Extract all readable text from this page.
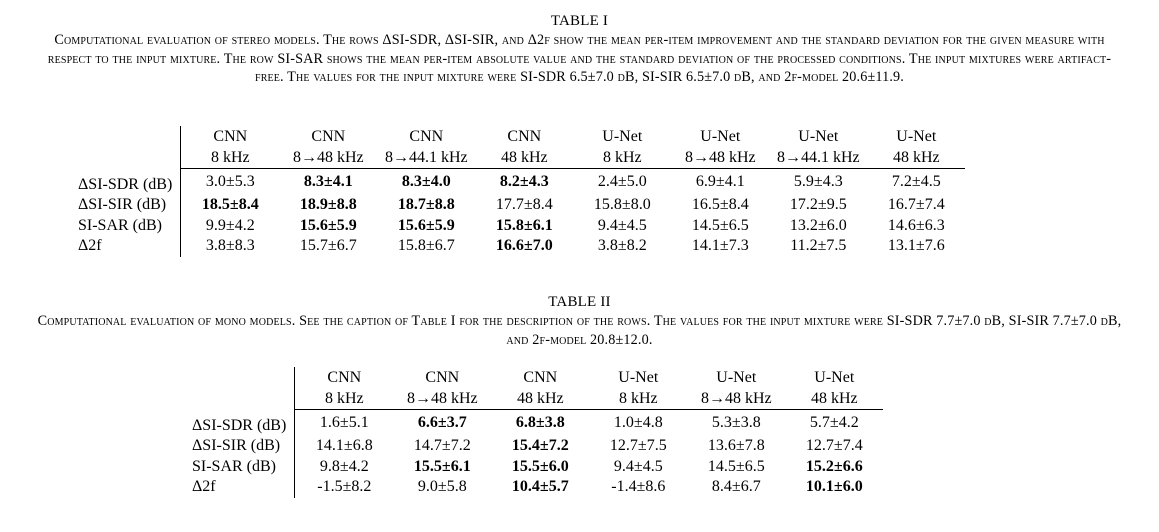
TABLE I
Computational evaluation of stereo models. The rows ΔSI-SDR, ΔSI-SIR, and Δ2f show the mean per-item improvement and the standard deviation for the given measure with respect to the input mixture. The row SI-SAR shows the mean per-item absolute value and the standard deviation of the processed conditions. The input mixtures were artifact-free. The values for the input mixture were SI-SDR 6.5±7.0 dB, SI-SIR 6.5±7.0 dB, and 2f-model 20.6±11.9.
	CNN	CNN	CNN	CNN	U-Net	U-Net	U-Net	U-Net
	8 kHz	8→48 kHz	8→44.1 kHz	48 kHz	8 kHz	8→48 kHz	8→44.1 kHz	48 kHz
ΔSI-SDR (dB)	3.0±5.3	8.3±4.1	8.3±4.0	8.2±4.3	2.4±5.0	6.9±4.1	5.9±4.3	7.2±4.5
ΔSI-SIR (dB)	18.5±8.4	18.9±8.8	18.7±8.8	17.7±8.4	15.8±8.0	16.5±8.4	17.2±9.5	16.7±7.4
SI-SAR (dB)	9.9±4.2	15.6±5.9	15.6±5.9	15.8±6.1	9.4±4.5	14.5±6.5	13.2±6.0	14.6±6.3
Δ2f	3.8±8.3	15.7±6.7	15.8±6.7	16.6±7.0	3.8±8.2	14.1±7.3	11.2±7.5	13.1±7.6
TABLE II
Computational evaluation of mono models. See the caption of Table I for the description of the rows. The values for the input mixture were SI-SDR 7.7±7.0 dB, SI-SIR 7.7±7.0 dB, and 2f-model 20.8±12.0.
	CNN	CNN	CNN	U-Net	U-Net	U-Net
	8 kHz	8→48 kHz	48 kHz	8 kHz	8→48 kHz	48 kHz
ΔSI-SDR (dB)	1.6±5.1	6.6±3.7	6.8±3.8	1.0±4.8	5.3±3.8	5.7±4.2
ΔSI-SIR (dB)	14.1±6.8	14.7±7.2	15.4±7.2	12.7±7.5	13.6±7.8	12.7±7.4
SI-SAR (dB)	9.8±4.2	15.5±6.1	15.5±6.0	9.4±4.5	14.5±6.5	15.2±6.6
Δ2f	-1.5±8.2	9.0±5.8	10.4±5.7	-1.4±8.6	8.4±6.7	10.1±6.0
